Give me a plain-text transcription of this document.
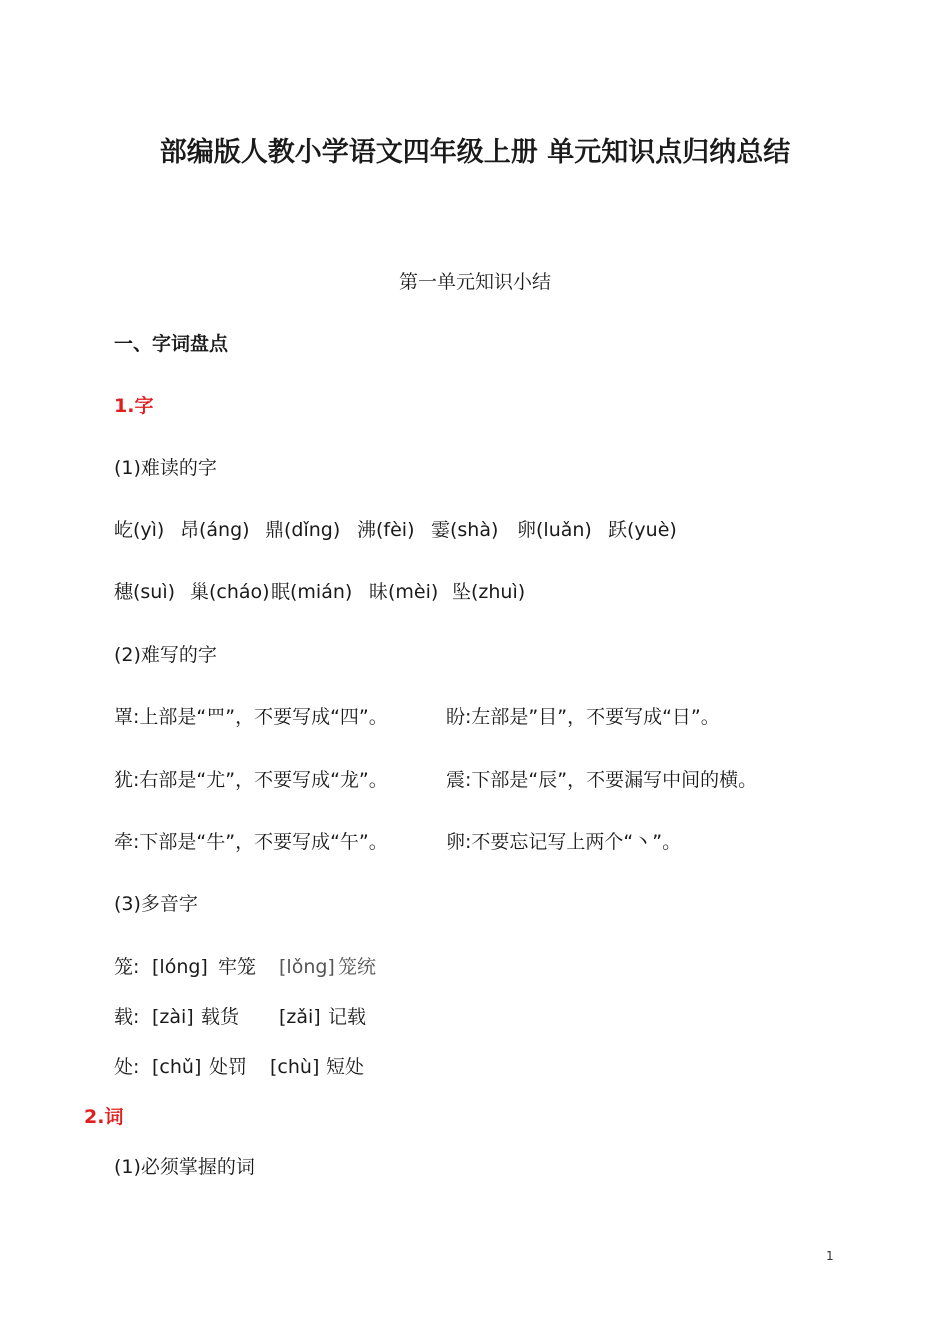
部编版人教小学语文四年级上册 单元知识点归纳总结
第一单元知识小结
一、字词盘点
1.字
(1)难读的字
屹(yì) 昂(áng) 鼎(dǐng) 沸(fèi) 霎(shà) 卵(luǎn) 跃(yuè)
穗(suì) 巢(cháo) 眠(mián) 昧(mèi) 坠(zhuì)
(2)难写的字
罩:上部是“罒”，不要写成“四”。	盼:左部是”目”，不要写成“日”。
犹:右部是“尤”，不要写成“龙”。	震:下部是“辰”，不要漏写中间的横。
牵:下部是“牛”，不要写成“午”。	卵:不要忘记写上两个“丶”。
(3)多音字
笼: [lóng] 牢笼 [lǒng] 笼统
载: [zài] 载货 [zǎi] 记载
处: [chǔ] 处罚 [chù] 短处
2.词
(1)必须掌握的词
1
